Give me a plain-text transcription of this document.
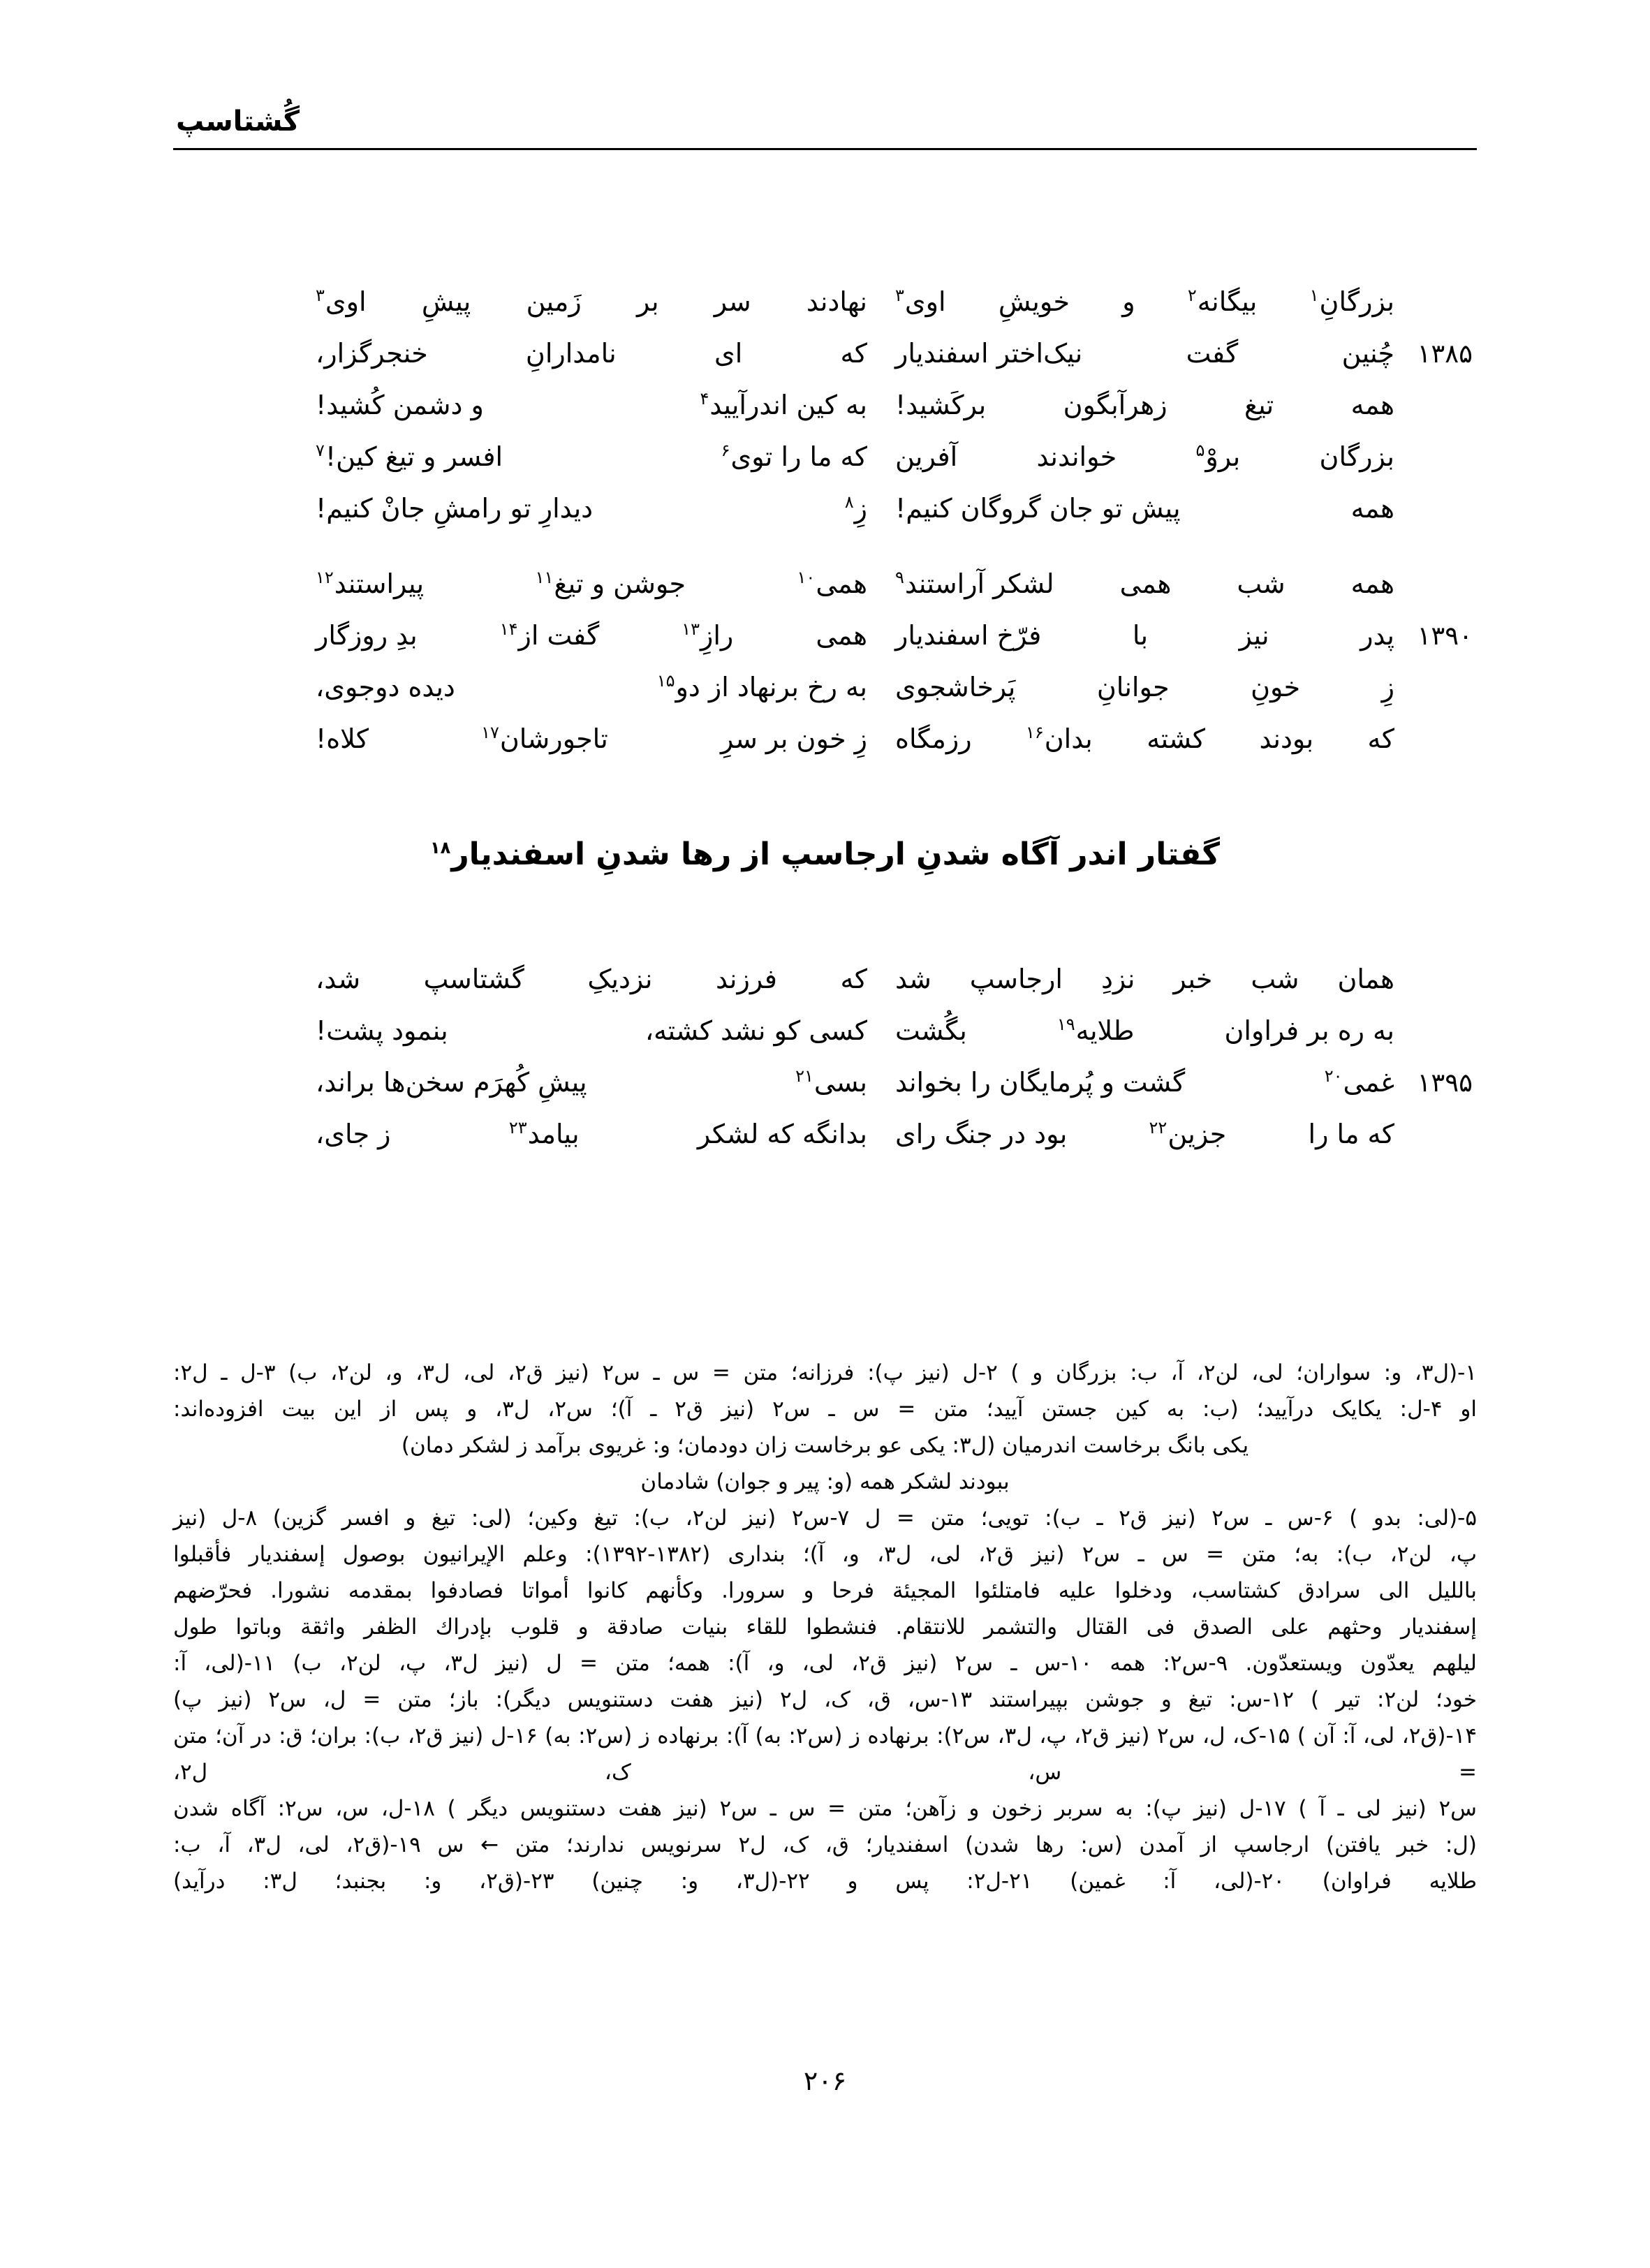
گُشتاسپ
بزرگانِ$^۱$
بیگانه$^۲$
و
خویشِ
اوی$^۳$
نهادند
سر
بر
زَمین
پیشِ
اوی$^۳$
۱۳۸۵
چُنین
گفت
نیک‌اختر اسفندیار
که
ای
نامدارانِ
خنجرگزار،
همه
تیغ
زهرآبگون
برکَشید!
به کین اندرآیید$^۴$
و دشمن کُشید!
بزرگان
بروْ$^۵$
خواندند
آفرین
که ما را توی$^۶$
افسر و تیغ کین!$^۷$
همه
پیش تو جان گروگان کنیم!
زِ$^۸$
دیدارِ تو رامشِ جانْ کنیم!
همه
شب
همی
لشکر آراستند$^۹$
همی$^{۱۰}$
جوشن و تیغ$^{۱۱}$
پیراستند$^{۱۲}$
۱۳۹۰
پدر
نیز
با
فرّخ اسفندیار
همی
رازِ$^{۱۳}$
گفت از$^{۱۴}$
بدِ روزگار
زِ
خونِ
جوانانِ
پَرخاشجوی
به رخ برنهاد از دو$^{۱۵}$
دیده دوجوی،
که
بودند
کشته
بدان$^{۱۶}$
رزمگاه
زِ خون بر سرِ
تاجورشان$^{۱۷}$
کلاه!
گفتار اندر آگاه شدنِ ارجاسپ از رها شدنِ اسفندیار$^{۱۸}$
همان
شب
خبر
نزدِ
ارجاسپ
شد
که
فرزند
نزدیکِ
گشتاسپ
شد،
به ره بر فراوان
طلایه$^{۱۹}$
بگُشت
کسی کو نشد کشته،
بنمود پشت!
۱۳۹۵
غمی$^{۲۰}$
گشت و پُرمایگان را بخواند
بسی$^{۲۱}$
پیشِ کُهرَم سخن‌ها براند،
که ما را
جزین$^{۲۲}$
بود در جنگ رای
بدانگه که لشکر
بیامد$^{۲۳}$
ز جای،
۱-(ل۳، و: سواران؛ لی، لن۲، آ، ب: بزرگان و ) ۲-ل (نیز پ): فرزانه؛ متن = س ـ س۲ (نیز ق۲، لی، ل۳، و، لن۲، ب) ۳-ل ـ ل۲:
او ۴-ل: یکایک درآیید؛ (ب: به کین جستن آیید؛ متن = س ـ س۲ (نیز ق۲ ـ آ)؛ س۲، ل۳، و پس از این بیت افزوده‌اند:
یکی بانگ برخاست اندرمیان (ل۳: یکی عو برخاست زان دودمان؛ و: غریوی برآمد ز لشکر دمان)
ببودند لشکر همه (و: پیر و جوان) شادمان
۵-(لی: بدو ) ۶-س ـ س۲ (نیز ق۲ ـ ب): تویی؛ متن = ل ۷-س۲ (نیز لن۲، ب): تیغ وکین؛ (لی: تیغ و افسر گزین) ۸-ل (نیز
پ، لن۲، ب): به؛ متن = س ـ س۲ (نیز ق۲، لی، ل۳، و، آ)؛ بنداری (۱۳۸۲-۱۳۹۲): وعلم الإيرانيون بوصول إسفنديار فأقبلوا
بالليل الى سرادق كشتاسب، ودخلوا عليه فامتلئوا المجيئة فرحا و سرورا. وكأنهم كانوا أمواتا فصادفوا بمقدمه نشورا. فحرّضهم
إسفنديار وحثهم على الصدق فى القتال والتشمر للانتقام. فنشطوا للقاء بنيات صادقة و قلوب بإدراك الظفر واثقة وباتوا طول
ليلهم يعدّون ويستعدّون. ۹-س۲: همه ۱۰-س ـ س۲ (نیز ق۲، لی، و، آ): همه؛ متن = ل (نیز ل۳، پ، لن۲، ب) ۱۱-(لی، آ:
خود؛ لن۲: تیر ) ۱۲-س: تیغ و جوشن بپیراستند ۱۳-س، ق، ک، ل۲ (نیز هفت دستنویس دیگر): باز؛ متن = ل، س۲ (نیز پ)
۱۴-(ق۲، لی، آ: آن ) ۱۵-ک، ل، س۲ (نیز ق۲، پ، ل۳، س۲): برنهاده ز (س۲: به) آ): برنهاده ز (س۲: به) ۱۶-ل (نیز ق۲، ب): بران؛ ق: در آن؛ متن = س، ک، ل۲،
س۲ (نیز لی ـ آ ) ۱۷-ل (نیز پ): به سربر زخون و زآهن؛ متن = س ـ س۲ (نیز هفت دستنویس دیگر ) ۱۸-ل، س، س۲: آگاه شدن
(ل: خبر یافتن) ارجاسپ از آمدن (س: رها شدن) اسفندیار؛ ق، ک، ل۲ سرنویس ندارند؛ متن ← س ۱۹-(ق۲، لی، ل۳، آ، ب:
طلایه فراوان) ۲۰-(لی، آ: غمین) ۲۱-ل۲: پس و ۲۲-(ل۳، و: چنین) ۲۳-(ق۲، و: بجنبد؛ ل۳: درآید)
۲۰۶
